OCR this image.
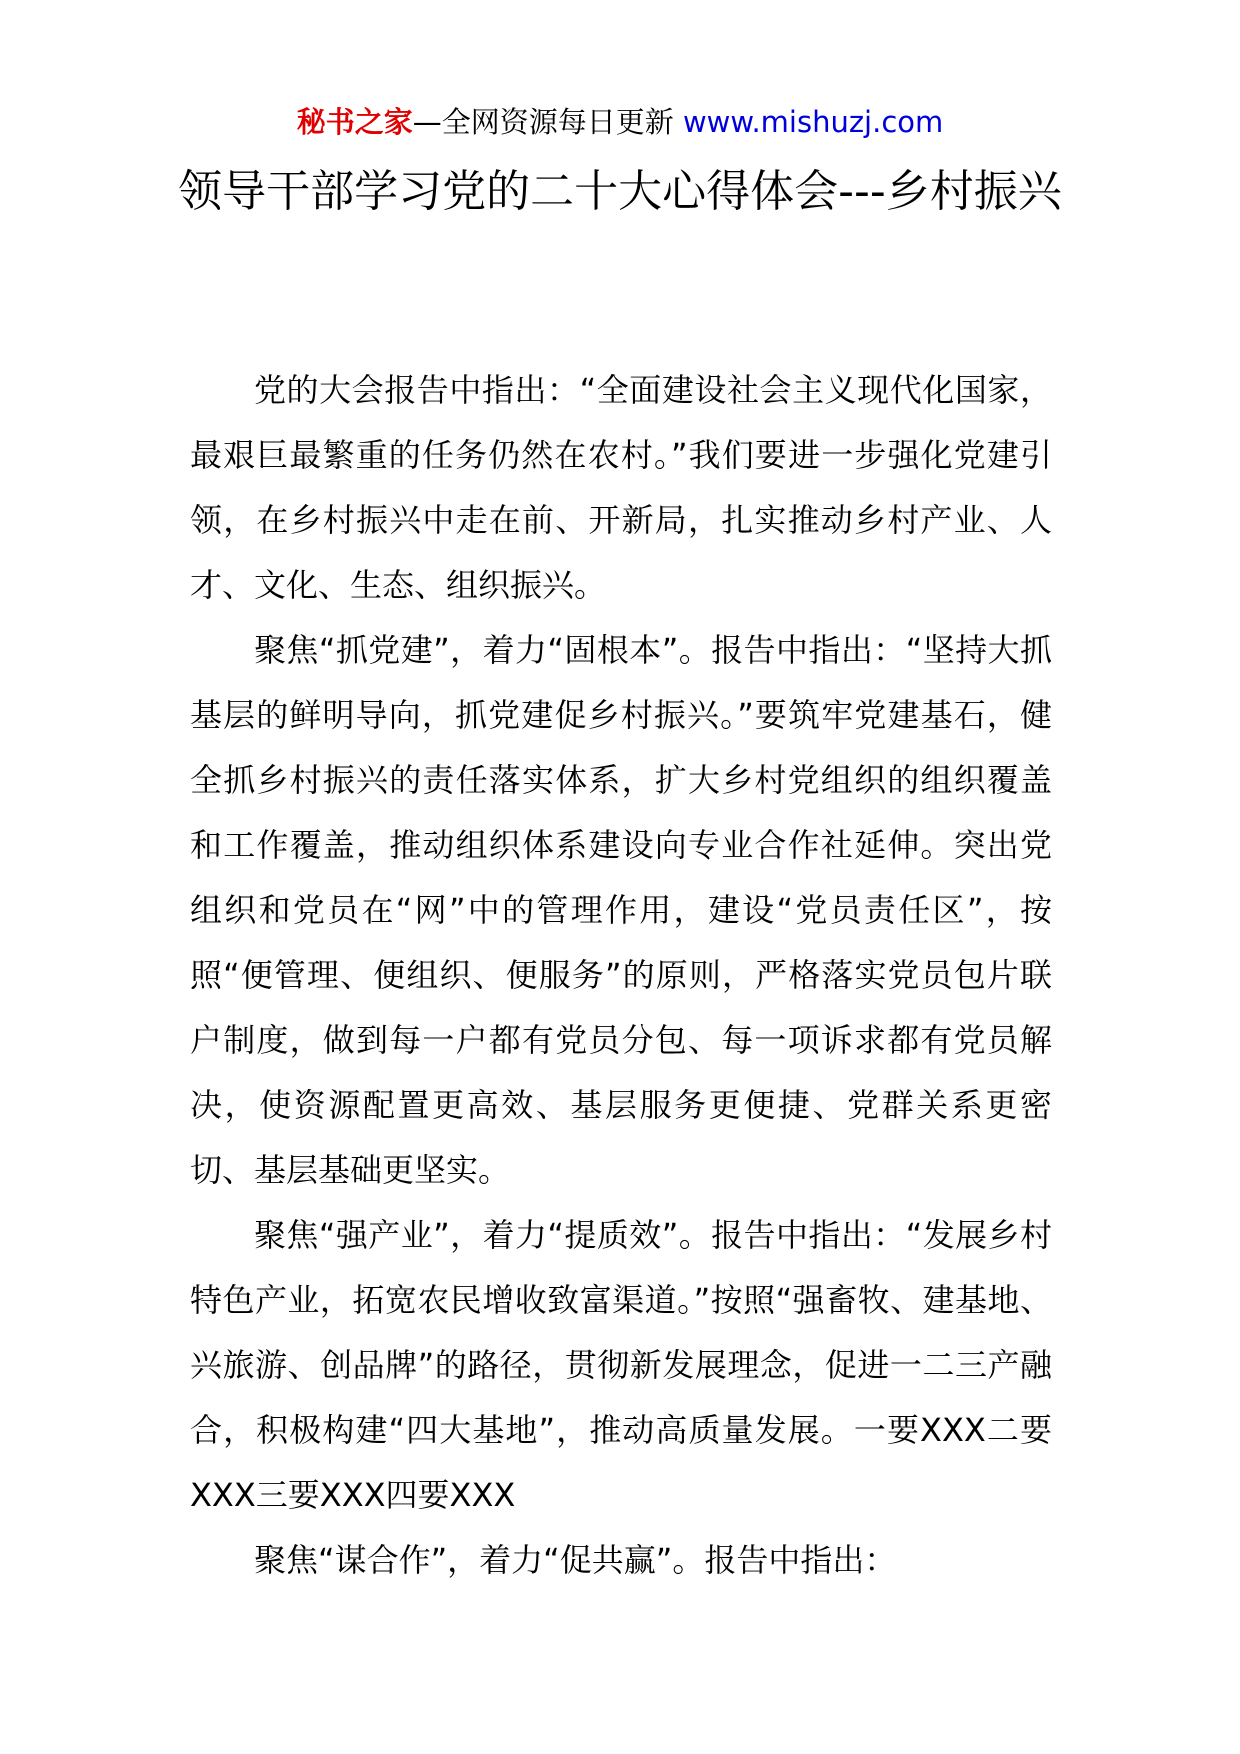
秘书之家—全网资源每日更新 www.mishuzj.com
领导干部学习党的二十大心得体会---乡村振兴

党的大会报告中指出：“全面建设社会主义现代化国家，最艰巨最繁重的任务仍然在农村。”我们要进一步强化党建引领，在乡村振兴中走在前、开新局，扎实推动乡村产业、人才、文化、生态、组织振兴。

聚焦“抓党建”，着力“固根本”。报告中指出：“坚持大抓基层的鲜明导向，抓党建促乡村振兴。”要筑牢党建基石，健全抓乡村振兴的责任落实体系，扩大乡村党组织的组织覆盖和工作覆盖，推动组织体系建设向专业合作社延伸。突出党组织和党员在“网”中的管理作用，建设“党员责任区”，按照“便管理、便组织、便服务”的原则，严格落实党员包片联户制度，做到每一户都有党员分包、每一项诉求都有党员解决，使资源配置更高效、基层服务更便捷、党群关系更密切、基层基础更坚实。

聚焦“强产业”，着力“提质效”。报告中指出：“发展乡村特色产业，拓宽农民增收致富渠道。”按照“强畜牧、建基地、兴旅游、创品牌”的路径，贯彻新发展理念，促进一二三产融合，积极构建“四大基地”，推动高质量发展。一要XXX二要XXX三要XXX四要XXX

聚焦“谋合作”，着力“促共赢”。报告中指出：
